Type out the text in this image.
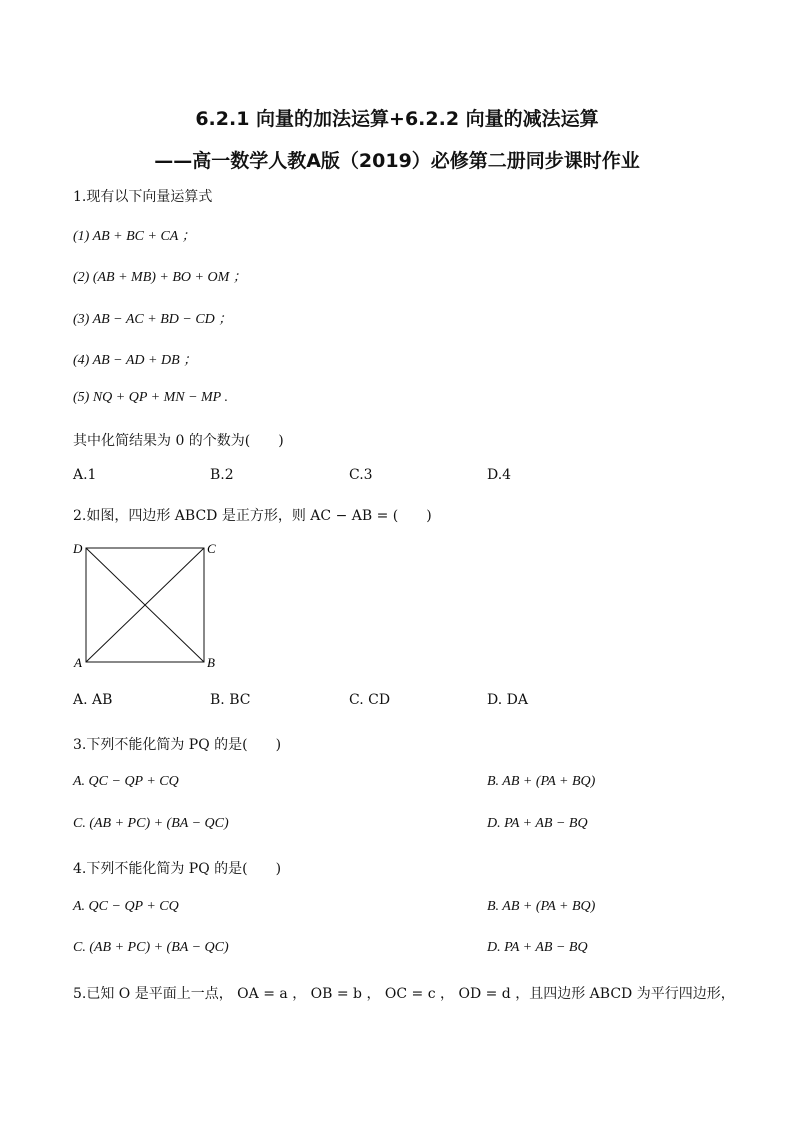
6.2.1 向量的加法运算+6.2.2 向量的减法运算
——高一数学人教A版（2019）必修第二册同步课时作业
1.现有以下向量运算式
(1) AB + BC + CA ；
(2) (AB + MB) + BO + OM ；
(3) AB − AC + BD − CD ；
(4) AB − AD + DB ；
(5) NQ + QP + MN − MP .
其中化简结果为 0 的个数为(　　)
A.1	B.2	C.3	D.4
2.如图，四边形 ABCD 是正方形，则 AC − AB = (　　)
D	C
A	B
A. AB	B. BC	C. CD	D. DA
3.下列不能化简为 PQ 的是(　　)
A. QC − QP + CQ	B. AB + (PA + BQ)
C. (AB + PC) + (BA − QC)	D. PA + AB − BQ
4.下列不能化简为 PQ 的是(　　)
A. QC − QP + CQ	B. AB + (PA + BQ)
C. (AB + PC) + (BA − QC)	D. PA + AB − BQ
5.已知 O 是平面上一点， OA = a ， OB = b ， OC = c ， OD = d ，且四边形 ABCD 为平行四边形，
